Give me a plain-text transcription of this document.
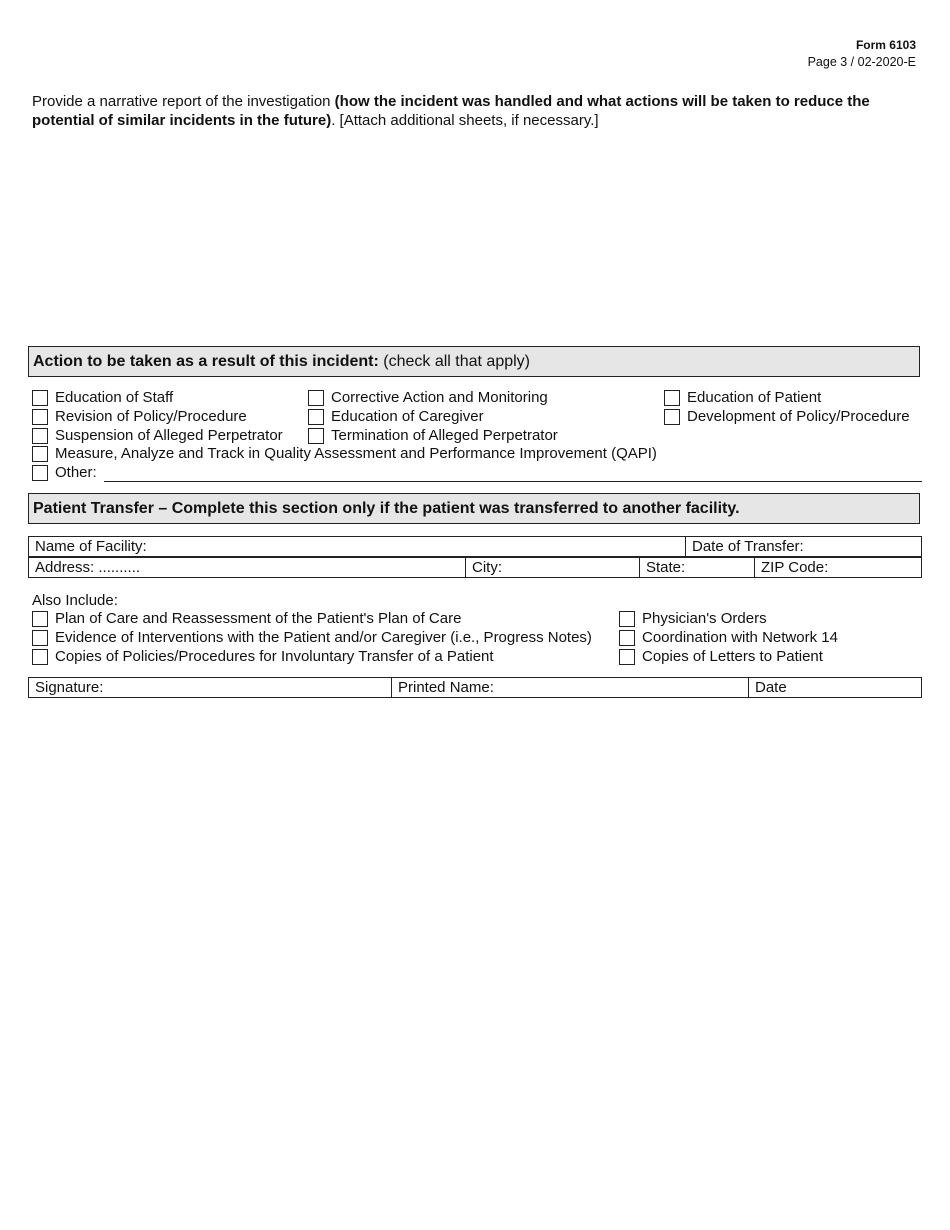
Form 6103
Page 3 / 02-2020-E
Provide a narrative report of the investigation (how the incident was handled and what actions will be taken to reduce the potential of similar incidents in the future). [Attach additional sheets, if necessary.]
Action to be taken as a result of this incident: (check all that apply)
Education of Staff
Revision of Policy/Procedure
Suspension of Alleged Perpetrator
Corrective Action and Monitoring
Education of Caregiver
Termination of Alleged Perpetrator
Education of Patient
Development of Policy/Procedure
Measure, Analyze and Track in Quality Assessment and Performance Improvement (QAPI)
Other:
Patient Transfer – Complete this section only if the patient was transferred to another facility.
Name of Facility:	Date of Transfer:
Address: ..........	City:	State:	ZIP Code:
Also Include:
Plan of Care and Reassessment of the Patient's Plan of Care
Evidence of Interventions with the Patient and/or Caregiver (i.e., Progress Notes)
Copies of Policies/Procedures for Involuntary Transfer of a Patient
Physician's Orders
Coordination with Network 14
Copies of Letters to Patient
Signature:	Printed Name:	Date
